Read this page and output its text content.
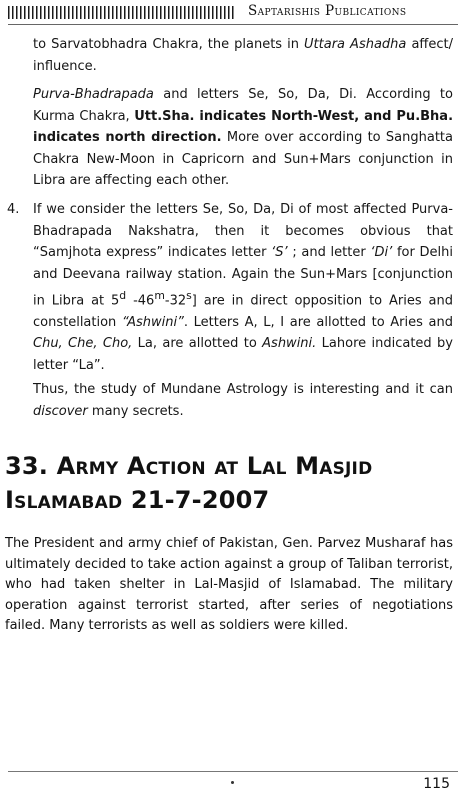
Saptarishis Publications

to Sarvatobhadra Chakra, the planets in Uttara Ashadha affect/ influence.

Purva-Bhadrapada and letters Se, So, Da, Di. According to Kurma Chakra, Utt.Sha. indicates North-West, and Pu.Bha. indicates north direction. More over according to Sanghatta Chakra New-Moon in Capricorn and Sun+Mars conjunction in Libra are affecting each other.

4. If we consider the letters Se, So, Da, Di of most affected Purva-Bhadrapada Nakshatra, then it becomes obvious that “Samjhota express” indicates letter ‘S’ ; and letter ‘Di’ for Delhi and Deevana railway station. Again the Sun+Mars [conjunction in Libra at 5$^d$ -46$^m$-32$^s$] are in direct opposition to Aries and constellation “Ashwini”. Letters A, L, I are allotted to Aries and Chu, Che, Cho, La, are allotted to Ashwini. Lahore indicated by letter “La”.

Thus, the study of Mundane Astrology is interesting and it can discover many secrets.

33. Army Action at Lal Masjid
Islamabad 21-7-2007

The President and army chief of Pakistan, Gen. Parvez Musharaf has ultimately decided to take action against a group of Taliban terrorist, who had taken shelter in Lal-Masjid of Islamabad. The military operation against terrorist started, after series of negotiations failed. Many terrorists as well as soldiers were killed.

115
